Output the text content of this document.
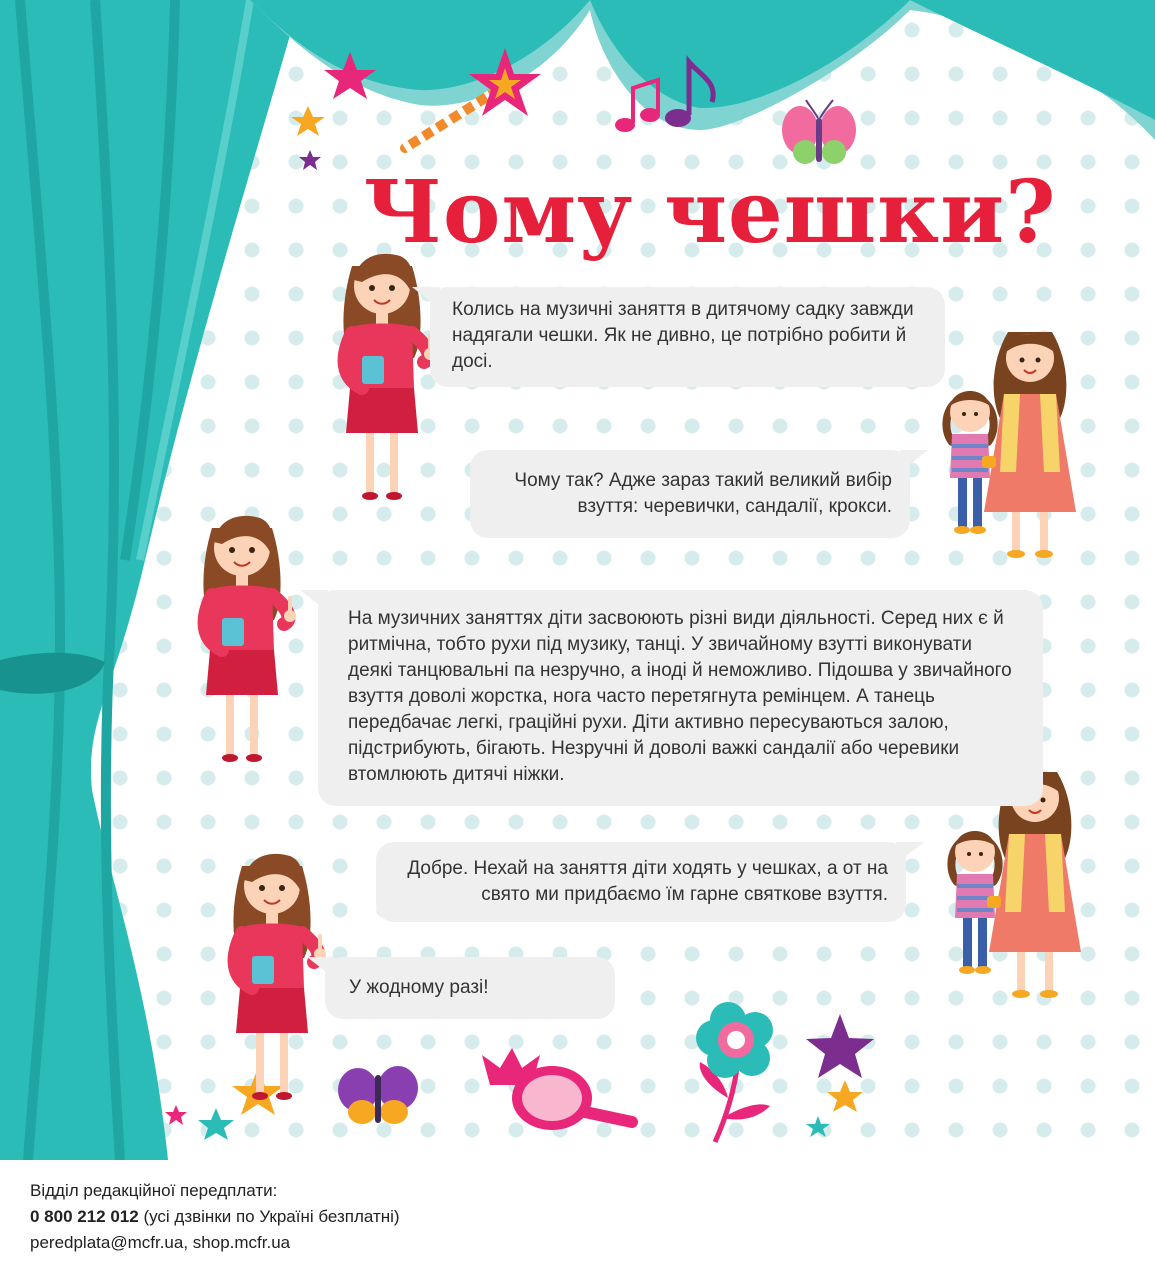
Чому чешки?
Колись на музичні заняття в дитячому садку завжди надягали чешки. Як не дивно, це потрібно робити й досі.
Чому так? Адже зараз такий великий вибір взуття: черевички, сандалії, крокси.
На музичних заняттях діти засвоюють різні види діяльності. Серед них є й ритмічна, тобто рухи під музику, танці. У звичайному взутті виконувати деякі танцювальні па незручно, а іноді й неможливо. Підошва у звичайного взуття доволі жорстка, нога часто перетягнута ремінцем. А танець передбачає легкі, граційні рухи. Діти активно пересуваються залою, підстрибують, бігають. Незручні й доволі важкі сандалії або черевики втомлюють дитячі ніжки.
Добре. Нехай на заняття діти ходять у чешках, а от на свято ми придбаємо їм гарне святкове взуття.
У жодному разі!
Відділ редакційної передплати:
0 800 212 012 (усі дзвінки по Україні безплатні)
peredplata@mcfr.ua, shop.mcfr.ua
